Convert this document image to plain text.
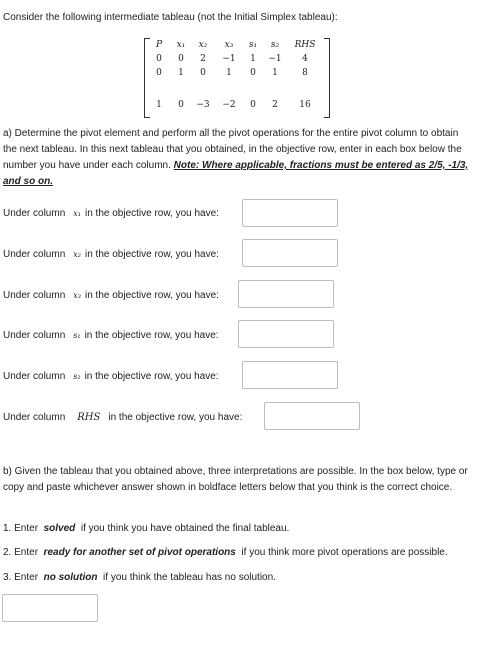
Consider the following intermediate tableau (not the Initial Simplex tableau):
P	x₁	x₂	x₃	s₁	s₂	RHS
0	0	2	−1	1	−1	4
0	1	0	1	0	1	8
1	0	−3	−2	0	2	16
a) Determine the pivot element and perform all the pivot operations for the entire pivot column to obtain the next tableau. In this next tableau that you obtained, in the objective row, enter in each box below the number you have under each column. Note: Where applicable, fractions must be entered as 2/5, -1/3, and so on.
Under column x₁ in the objective row, you have:
Under column x₂ in the objective row, you have:
Under column x₃ in the objective row, you have:
Under column s₁ in the objective row, you have:
Under column s₂ in the objective row, you have:
Under column RHS in the objective row, you have:
b) Given the tableau that you obtained above, three interpretations are possible. In the box below, type or copy and paste whichever answer shown in boldface letters below that you think is the correct choice.
1. Enter solved if you think you have obtained the final tableau.
2. Enter ready for another set of pivot operations if you think more pivot operations are possible.
3. Enter no solution if you think the tableau has no solution.
